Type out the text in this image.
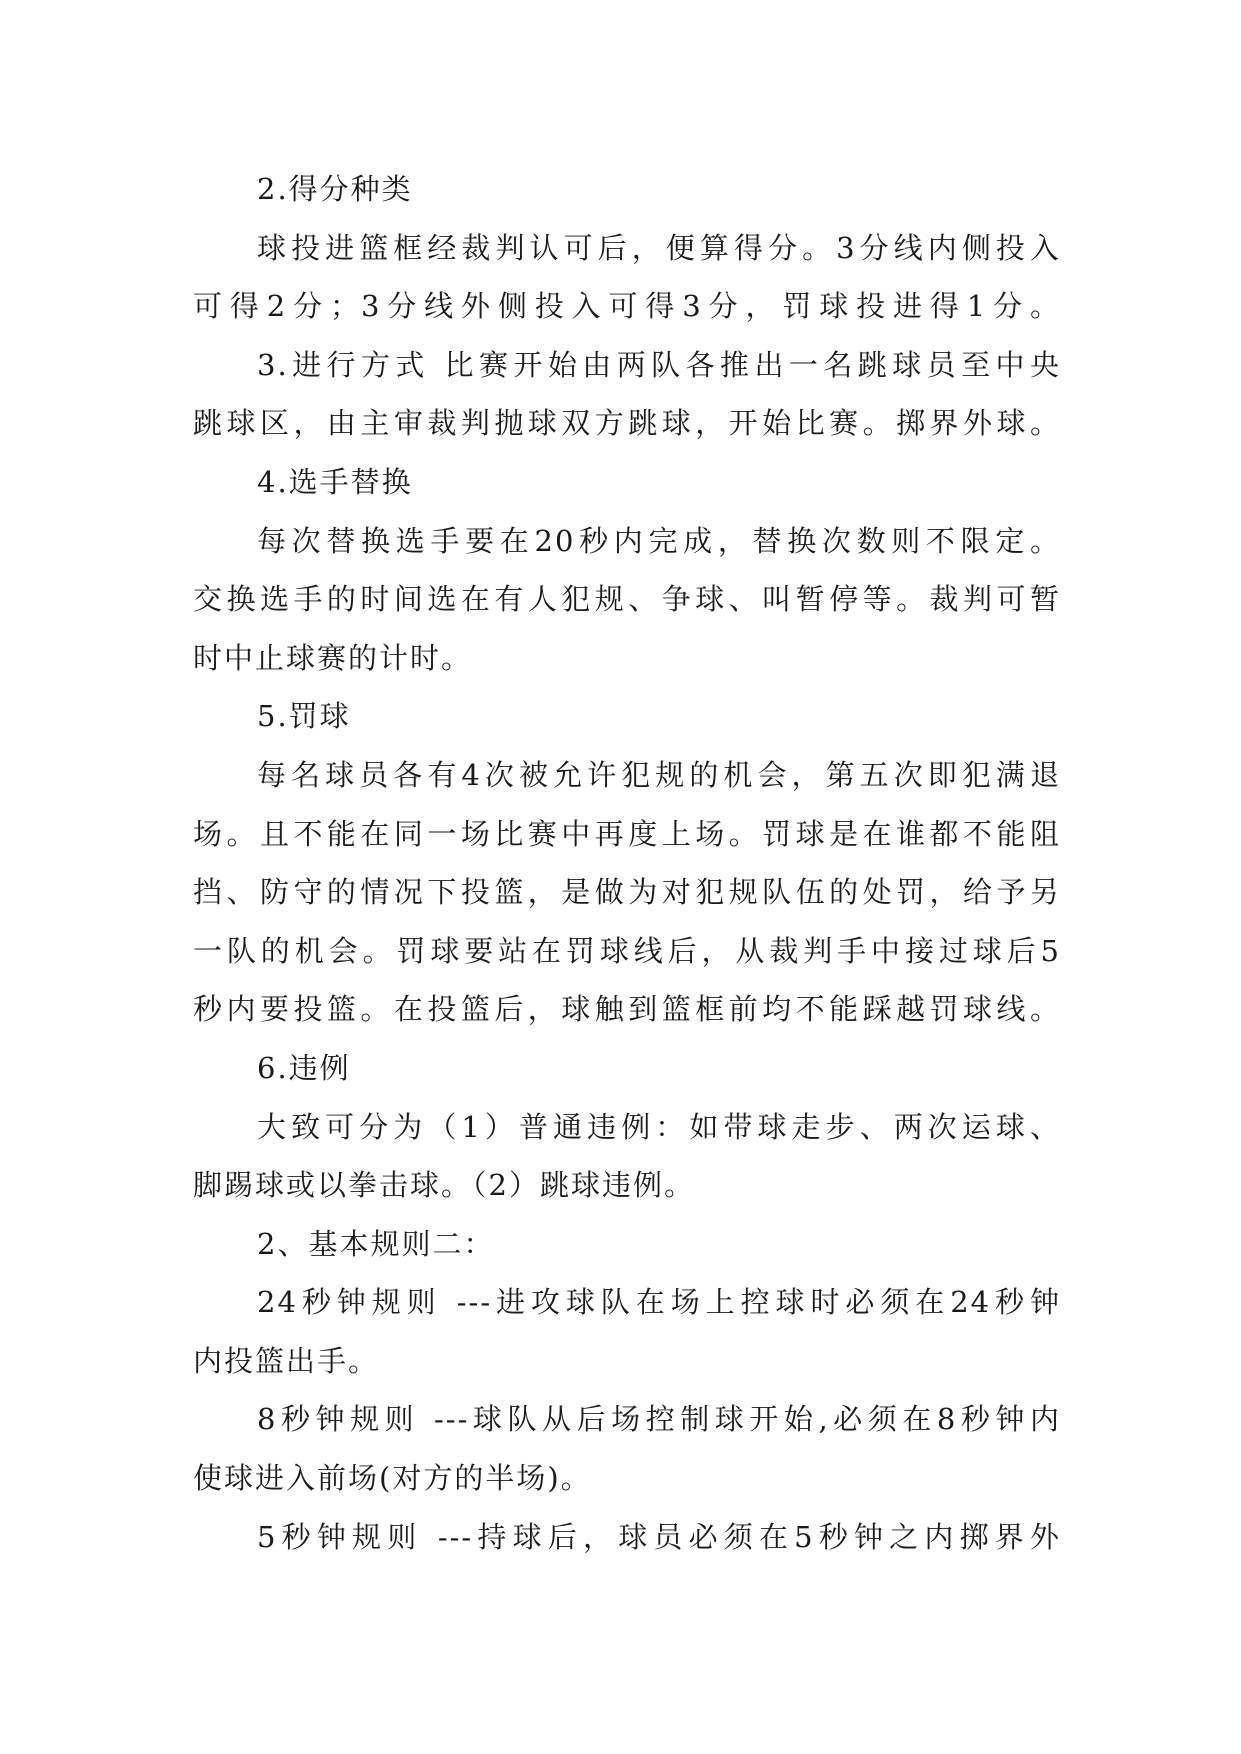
2.得分种类
球投进篮框经裁判认可后，便算得分。3分线内侧投入
可得2分；3分线外侧投入可得3分，罚球投进得1分。
3.进行方式 比赛开始由两队各推出一名跳球员至中央
跳球区，由主审裁判抛球双方跳球，开始比赛。掷界外球。
4.选手替换
每次替换选手要在20秒内完成，替换次数则不限定。
交换选手的时间选在有人犯规、争球、叫暂停等。裁判可暂
时中止球赛的计时。
5.罚球
每名球员各有4次被允许犯规的机会，第五次即犯满退
场。且不能在同一场比赛中再度上场。罚球是在谁都不能阻
挡、防守的情况下投篮，是做为对犯规队伍的处罚，给予另
一队的机会。罚球要站在罚球线后，从裁判手中接过球后5
秒内要投篮。在投篮后，球触到篮框前均不能踩越罚球线。
6.违例
大致可分为（1）普通违例：如带球走步、两次运球、
脚踢球或以拳击球。（2）跳球违例。
2、基本规则二：
24秒钟规则 ---进攻球队在场上控球时必须在24秒钟
内投篮出手。
8秒钟规则 ---球队从后场控制球开始,必须在8秒钟内
使球进入前场(对方的半场)。
5秒钟规则 ---持球后，球员必须在5秒钟之内掷界外
